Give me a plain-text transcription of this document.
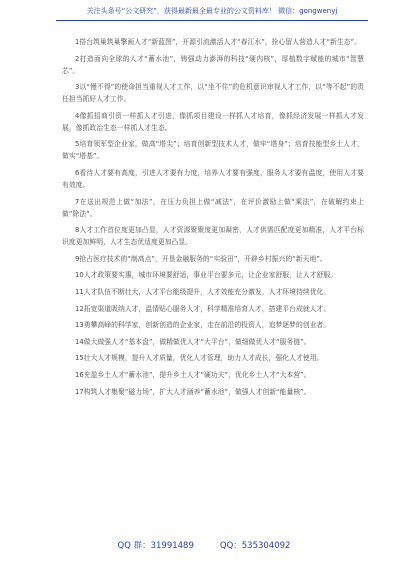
关注头条号“公文研究”，获得最新最全最专业的公文资料库！ 微信：gongwenyj

1搭台筑巢筑巢擎画人才“新蓝图”，开源引流激活人才“春江水”，拴心留人营造人才“新生态”。

2打造面向全球的人才“蓄水池”，铸强动力澎湃的科技“硬内核”，厚植数字赋能的城市“智慧芯”。

3以“慢不得”的使命担当重视人才工作，以“坐不住”的危机意识审视人才工作，以“等不起”的责任担当抓好人才工作。

4像抓招商引资一样抓人才引进，像抓项目建设一样抓人才培育，像抓经济发展一样抓人才发展，像抓政治生态一样抓人才生态。

5培育领军型企业家，做高“塔尖”；培育创新型技术人才，做牢“塔身”；培育技能型乡土人才，做实“塔基”。

6看待人才要有高度，引进人才要有力度，培养人才要有强度，服务人才要有温度，使用人才要有效度。

7在送出规范上做“加法”，在压力负担上做“减法”，在评价激励上做“乘法”，在破解约束上做“除法”。

8人才工作首位度更加凸显，人才资源聚聚度更加凝密，人才供需匹配度更加精准，人才平台标识度更加鲜明，人才生态优适度更加凸显。

9抢占医疗技术的“制高点”，开垦金融服务的“实验田”，开辟乡村振兴的“新天地”。

10人才政策要实惠，城市环境要舒适，事业平台要多元，让企业家舒服，让人才舒服。

11人才队伍不断壮大，人才平台能级提升，人才效能充分激发，人才环境持续优化。

12拓宽渠道吸纳人才，温情贴心服务人才，科学精准培育人才，搭建平台成就人才。

13勇攀高峰的科学家，创新创造的企业家，走在前沿的投资人，追梦逐梦的创业者。

14做大做强人才“基本盘”，做精做优人才“大平台”，做细做优人才“服务链”。

15壮大人才规模，提升人才质量，优化人才管理，助力人才成长，强化人才使用。

16充盈乡土人才“蓄水池”，提升乡土人才“硬功夫”，优化乡土人才“大本营”。

17构筑人才集聚“磁力场”，扩大人才涵养“蓄水池”，做强人才创新“能量核”。

QQ 群：31991489	QQ：535304092
